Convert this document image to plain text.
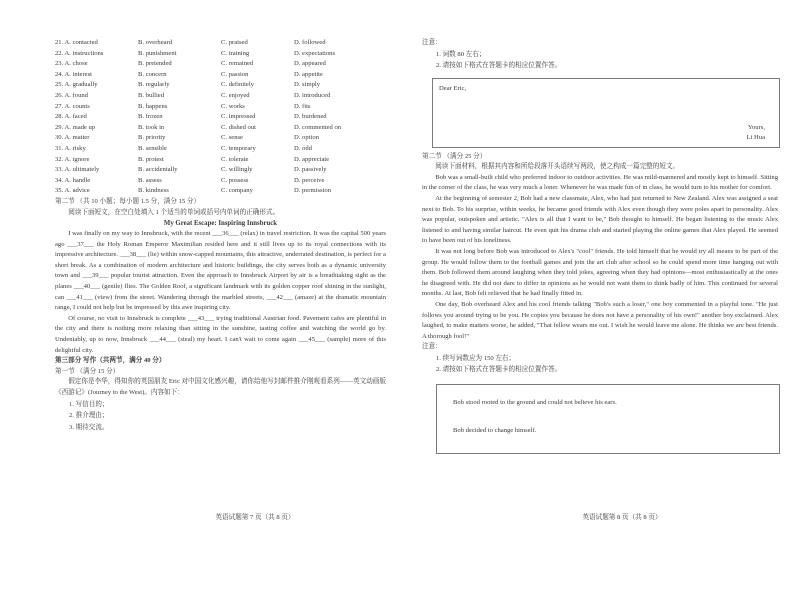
21. A. contacted	B. overheard	C. praised	D. followed
22. A. instructions	B. punishment	C. training	D. expectations
23. A. chose	B. pretended	C. remained	D. appeared
24. A. interest	B. concern	C. passion	D. appetite
25. A. gradually	B. regularly	C. definitely	D. simply
26. A. found	B. bullied	C. enjoyed	D. introduced
27. A. counts	B. happens	C. works	D. fits
28. A. faced	B. frozen	C. impressed	D. burdened
29. A. made up	B. took in	C. dished out	D. commented on
30. A. matter	B. priority	C. sense	D. option
31. A. risky	B. sensible	C. temporary	D. odd
32. A. ignore	B. protest	C. tolerate	D. appreciate
33. A. ultimately	B. accidentally	C. willingly	D. passively
34. A. handle	B. assess	C. possess	D. perceive
35. A. advice	B. kindness	C. company	D. permission

第二节 （共 10 小题；每小题 1.5 分，满分 15 分）

阅读下面短文，在空白处填入 1 个适当的单词或括号内单词的正确形式。

My Great Escape: Inspiring Innsbruck

I was finally on my way to Innsbruck, with the recent ___36___ (relax) in travel restriction. It was the capital 500 years ago ___37___ the Holy Roman Emperor Maximilian resided here and it still lives up to its royal connections with its impressive architecture. ___38___ (lie) within snow-capped mountains, this attractive, underrated destination, is perfect for a short break. As a combination of modern architecture and historic buildings, the city serves both as a dynamic university town and ___39___ popular tourist attraction. Even the approach to Innsbruck Airport by air is a breathtaking sight as the planes ___40___ (gentle) flies. The Golden Roof, a significant landmark with its golden copper roof shining in the sunlight, can ___41___ (view) from the street. Wandering through the marbled streets, ___42___ (amaze) at the dramatic mountain range, I could not help but be impressed by this awe inspiring city.

Of course, no visit to Innsbruck is complete ___43___ trying traditional Austrian food. Pavement cafes are plentiful in the city and there is nothing more relaxing than sitting in the sunshine, tasting coffee and watching the world go by. Undeniably, up to now, Innsbruck ___44___ (steal) my heart. I can't wait to come again ___45___ (sample) more of this delightful city.

第三部分 写作（共两节，满分 40 分）

第一节 （满分 15 分）

假定你是李华，得知你的英国朋友 Eric 对中国文化感兴趣，请你给他写封邮件推介刚观看系列——英文动画版《西游记》(Journey to the West)。内容如下：

1. 写信目的；
2. 推介理由；
3. 期待交流。
英语试题第 7 页（共 8 页）

注意：

1. 词数 80 左右；
2. 请按如下格式在答题卡的相应位置作答。
Dear Eric,
Yours,
Li Hua

第二节 （满分 25 分）

阅读下面材料，根据其内容和所给段落开头语续写两段，使之构成一篇完整的短文。

Bob was a small-built child who preferred indoor to outdoor activities. He was mild-mannered and mostly kept to himself. Sitting in the corner of the class, he was very much a loner. Whenever he was made fun of in class, he would turn to his mother for comfort.

At the beginning of semester 2, Bob had a new classmate, Alex, who had just returned to New Zealand. Alex was assigned a seat next to Bob. To his surprise, within weeks, he became good friends with Alex even though they were poles apart in personality. Alex was popular, outspoken and artistic. "Alex is all that I want to be," Bob thought to himself. He began listening to the music Alex listened to and having similar haircut. He even quit his drama club and started playing the online games that Alex played. He seemed to have been out of his loneliness.

It was not long before Bob was introduced to Alex's "cool" friends. He told himself that he would try all means to be part of the group. He would follow them to the football games and join the art club after school so he could spend more time hanging out with them. Bob followed them around laughing when they told jokes, agreeing when they had opinions—most enthusiastically at the ones he disagreed with. He did not dare to differ in opinions as he would not want them to think badly of him. This continued for several months. At last, Bob felt relieved that he had finally fitted in.

One day, Bob overheard Alex and his cool friends talking "Bob's such a loser," one boy commented in a playful tone. "He just follows you around trying to be you. He copies you because he does not have a personality of his own!" another boy exclaimed. Alex laughed, to make matters worse, he added, "That fellow wears me out. I wish he would leave me alone. He thinks we are best friends. A thorough fool!"

注意：

1. 续写词数应为 150 左右；
2. 请按如下格式在答题卡的相应位置作答。
Bob stood rooted to the ground and could not believe his ears.
Bob decided to change himself.
英语试题第 8 页（共 8 页）
